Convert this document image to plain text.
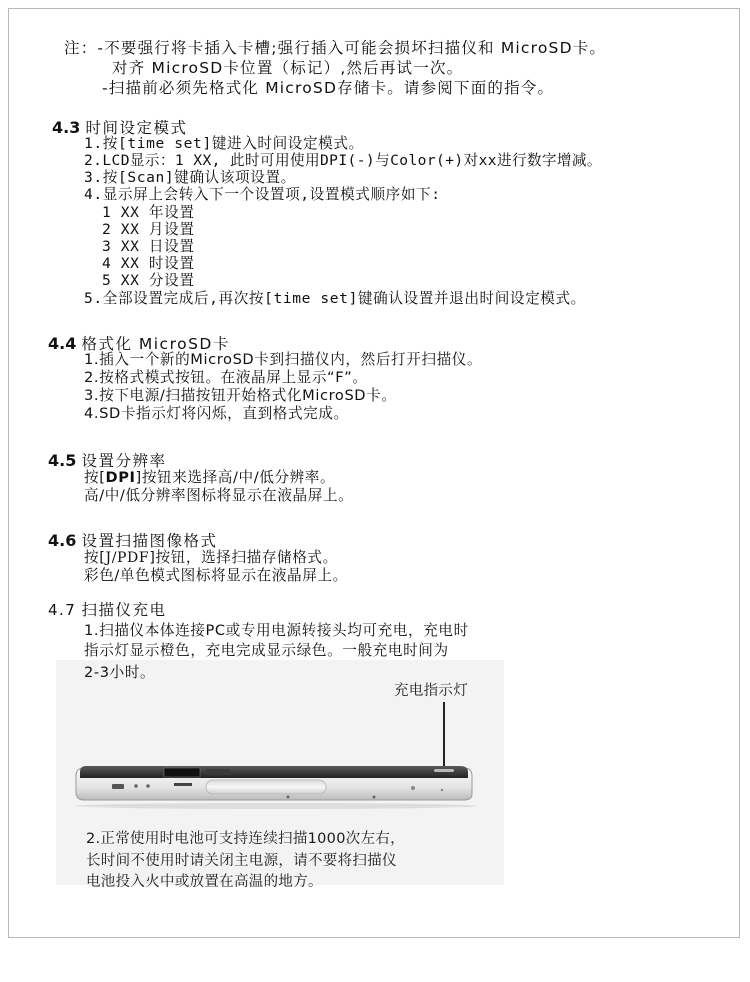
注：-不要强行将卡插入卡槽;强行插入可能会损坏扫描仪和 MicroSD卡。
对齐 MicroSD卡位置（标记）,然后再试一次。
-扫描前必须先格式化 MicroSD存储卡。请参阅下面的指令。
4.3 时间设定模式
1.按[time set]键进入时间设定模式。
2.LCD显示：1 XX, 此时可用使用DPI(-)与Color(+)对xx进行数字增减。
3.按[Scan]键确认该项设置。
4.显示屏上会转入下一个设置项,设置模式顺序如下:
1 XX 年设置
2 XX 月设置
3 XX 日设置
4 XX 时设置
5 XX 分设置
5.全部设置完成后,再次按[time set]键确认设置并退出时间设定模式。
4.4 格式化 MicroSD卡
1.插入一个新的MicroSD卡到扫描仪内，然后打开扫描仪。
2.按格式模式按钮。在液晶屏上显示“F”。
3.按下电源/扫描按钮开始格式化MicroSD卡。
4.SD卡指示灯将闪烁，直到格式完成。
4.5 设置分辨率
按[DPI]按钮来选择高/中/低分辨率。
高/中/低分辨率图标将显示在液晶屏上。
4.6 设置扫描图像格式
按[J/PDF]按钮，选择扫描存储格式。
彩色/单色模式图标将显示在液晶屏上。
4.7 扫描仪充电
1.扫描仪本体连接PC或专用电源转接头均可充电，充电时
指示灯显示橙色，充电完成显示绿色。一般充电时间为
2-3小时。
充电指示灯
2.正常使用时电池可支持连续扫描1000次左右，
长时间不使用时请关闭主电源，请不要将扫描仪
电池投入火中或放置在高温的地方。
